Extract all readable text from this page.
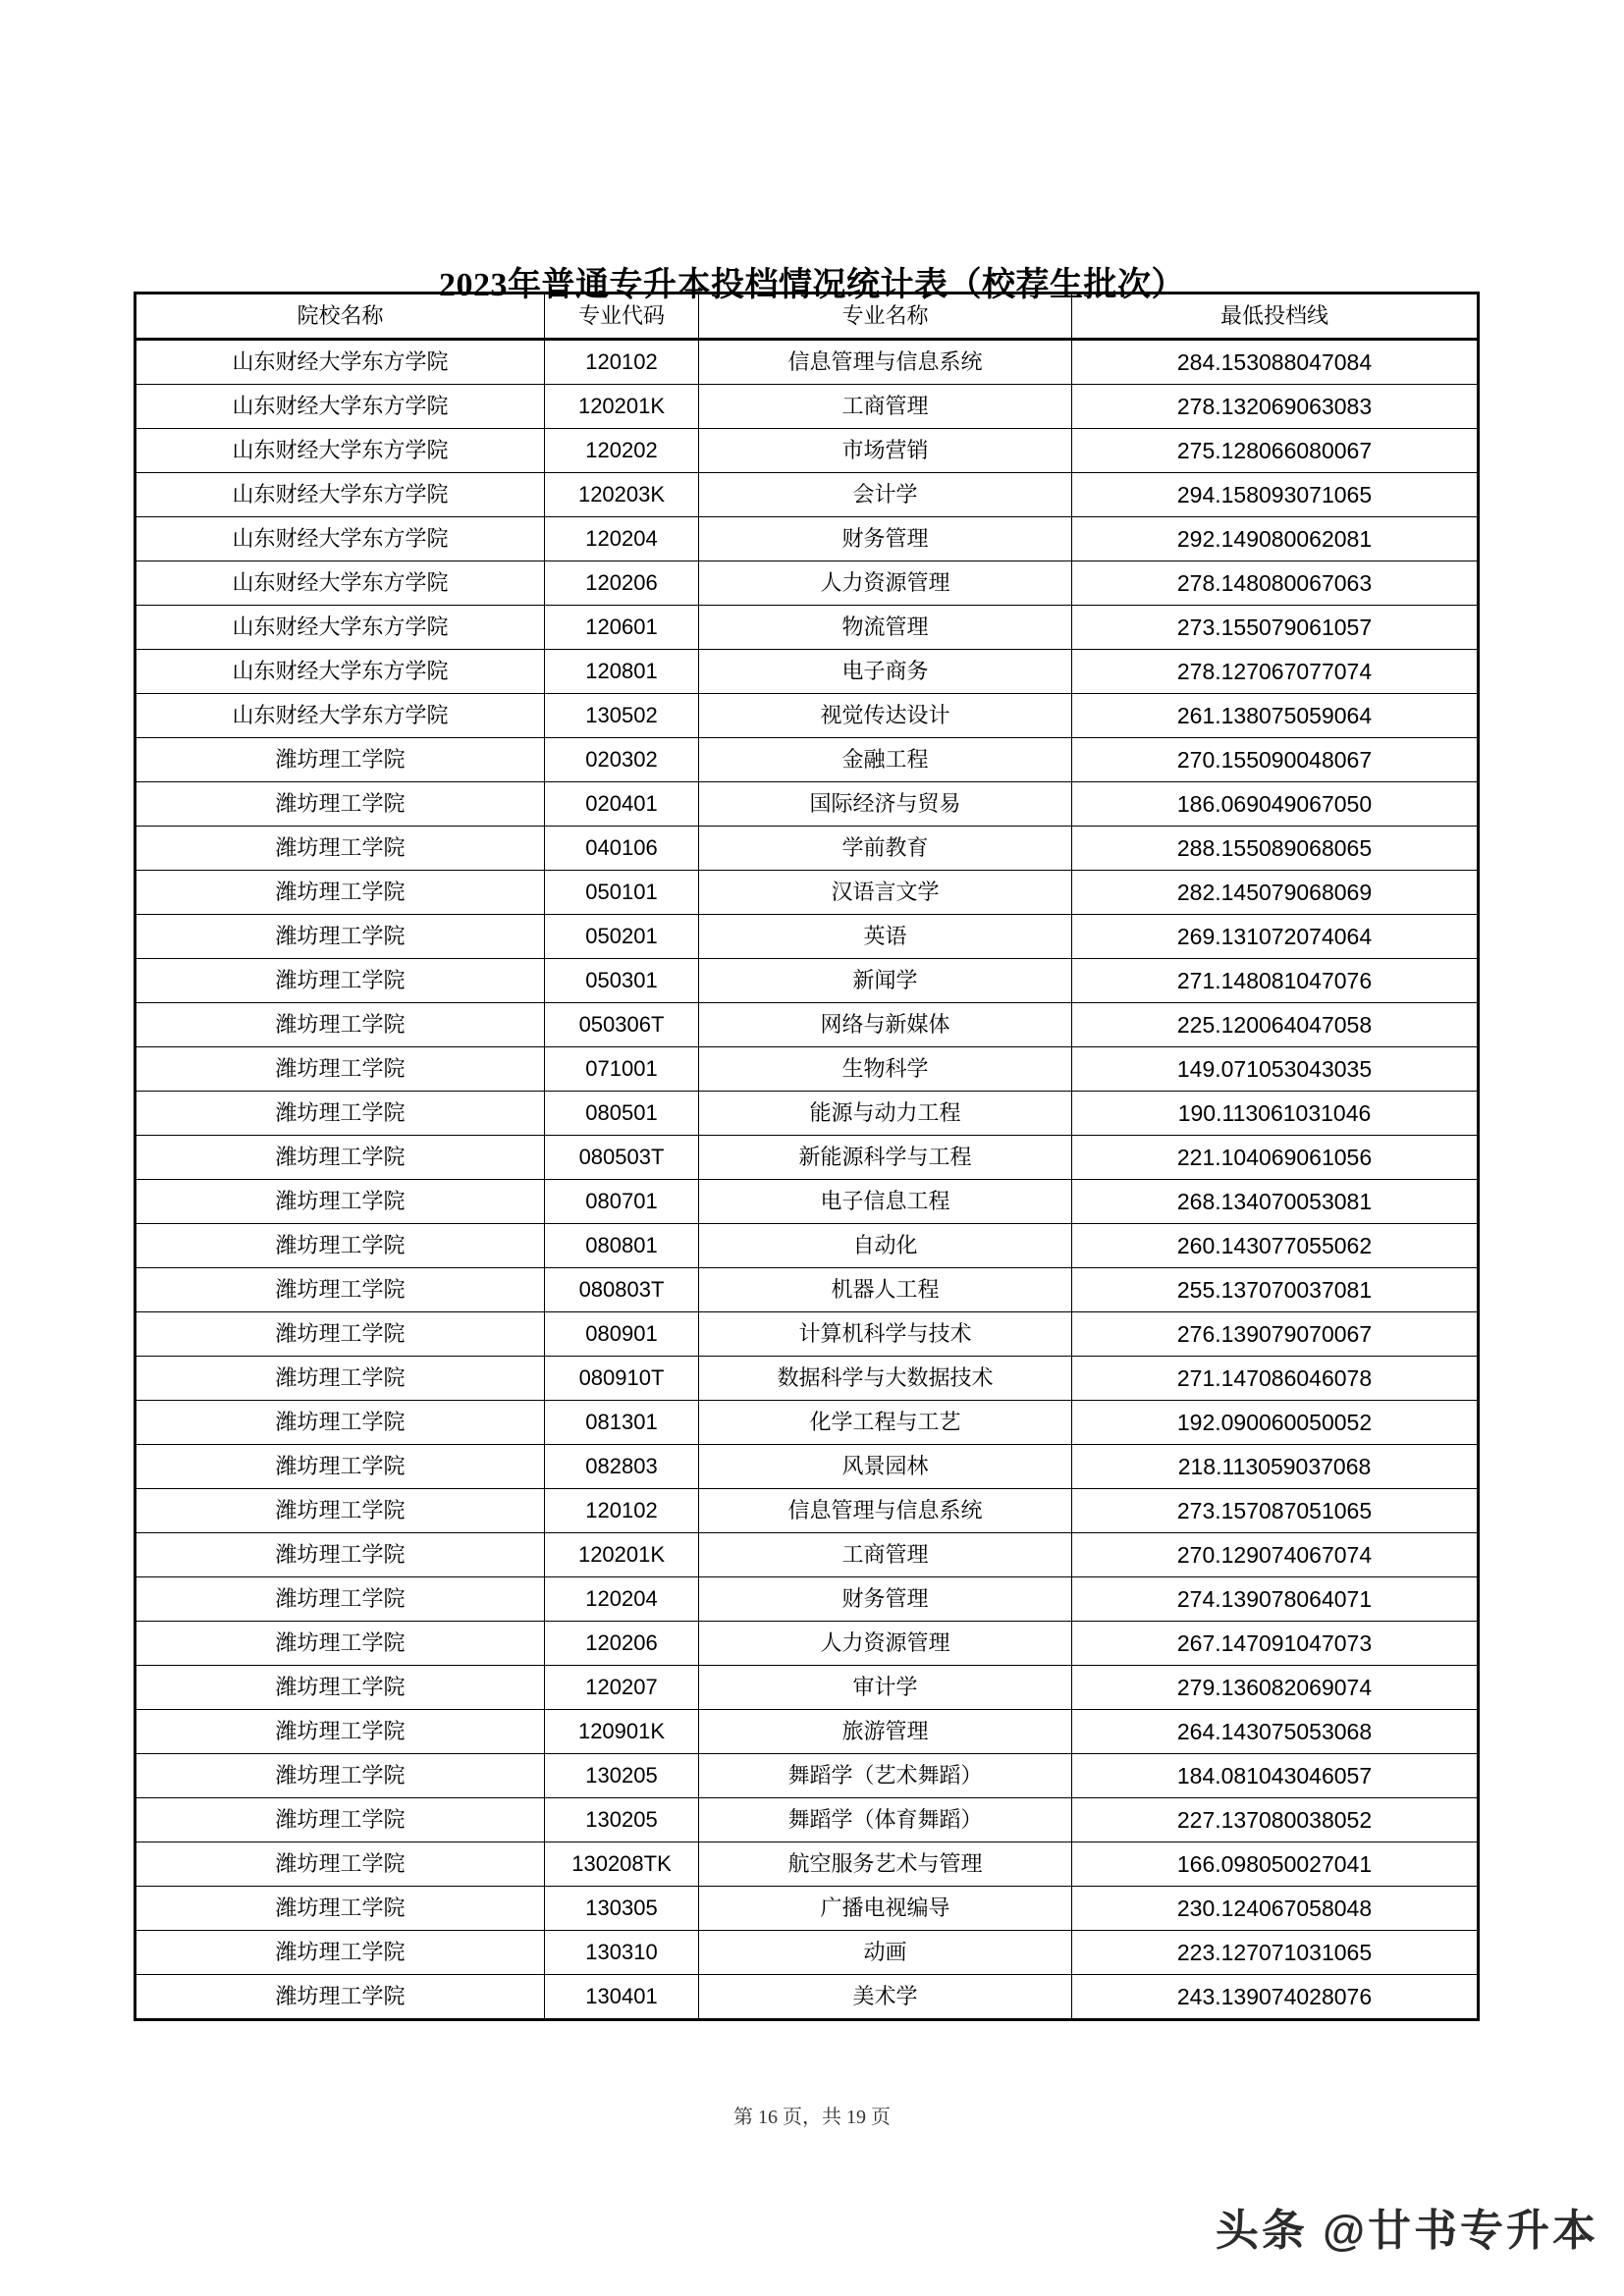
2023年普通专升本投档情况统计表（校荐生批次）
院校名称	专业代码	专业名称	最低投档线
山东财经大学东方学院	120102	信息管理与信息系统	284.153088047084
山东财经大学东方学院	120201K	工商管理	278.132069063083
山东财经大学东方学院	120202	市场营销	275.128066080067
山东财经大学东方学院	120203K	会计学	294.158093071065
山东财经大学东方学院	120204	财务管理	292.149080062081
山东财经大学东方学院	120206	人力资源管理	278.148080067063
山东财经大学东方学院	120601	物流管理	273.155079061057
山东财经大学东方学院	120801	电子商务	278.127067077074
山东财经大学东方学院	130502	视觉传达设计	261.138075059064
潍坊理工学院	020302	金融工程	270.155090048067
潍坊理工学院	020401	国际经济与贸易	186.069049067050
潍坊理工学院	040106	学前教育	288.155089068065
潍坊理工学院	050101	汉语言文学	282.145079068069
潍坊理工学院	050201	英语	269.131072074064
潍坊理工学院	050301	新闻学	271.148081047076
潍坊理工学院	050306T	网络与新媒体	225.120064047058
潍坊理工学院	071001	生物科学	149.071053043035
潍坊理工学院	080501	能源与动力工程	190.113061031046
潍坊理工学院	080503T	新能源科学与工程	221.104069061056
潍坊理工学院	080701	电子信息工程	268.134070053081
潍坊理工学院	080801	自动化	260.143077055062
潍坊理工学院	080803T	机器人工程	255.137070037081
潍坊理工学院	080901	计算机科学与技术	276.139079070067
潍坊理工学院	080910T	数据科学与大数据技术	271.147086046078
潍坊理工学院	081301	化学工程与工艺	192.090060050052
潍坊理工学院	082803	风景园林	218.113059037068
潍坊理工学院	120102	信息管理与信息系统	273.157087051065
潍坊理工学院	120201K	工商管理	270.129074067074
潍坊理工学院	120204	财务管理	274.139078064071
潍坊理工学院	120206	人力资源管理	267.147091047073
潍坊理工学院	120207	审计学	279.136082069074
潍坊理工学院	120901K	旅游管理	264.143075053068
潍坊理工学院	130205	舞蹈学（艺术舞蹈）	184.081043046057
潍坊理工学院	130205	舞蹈学（体育舞蹈）	227.137080038052
潍坊理工学院	130208TK	航空服务艺术与管理	166.098050027041
潍坊理工学院	130305	广播电视编导	230.124067058048
潍坊理工学院	130310	动画	223.127071031065
潍坊理工学院	130401	美术学	243.139074028076
第 16 页，共 19 页
头条 @廿书专升本
